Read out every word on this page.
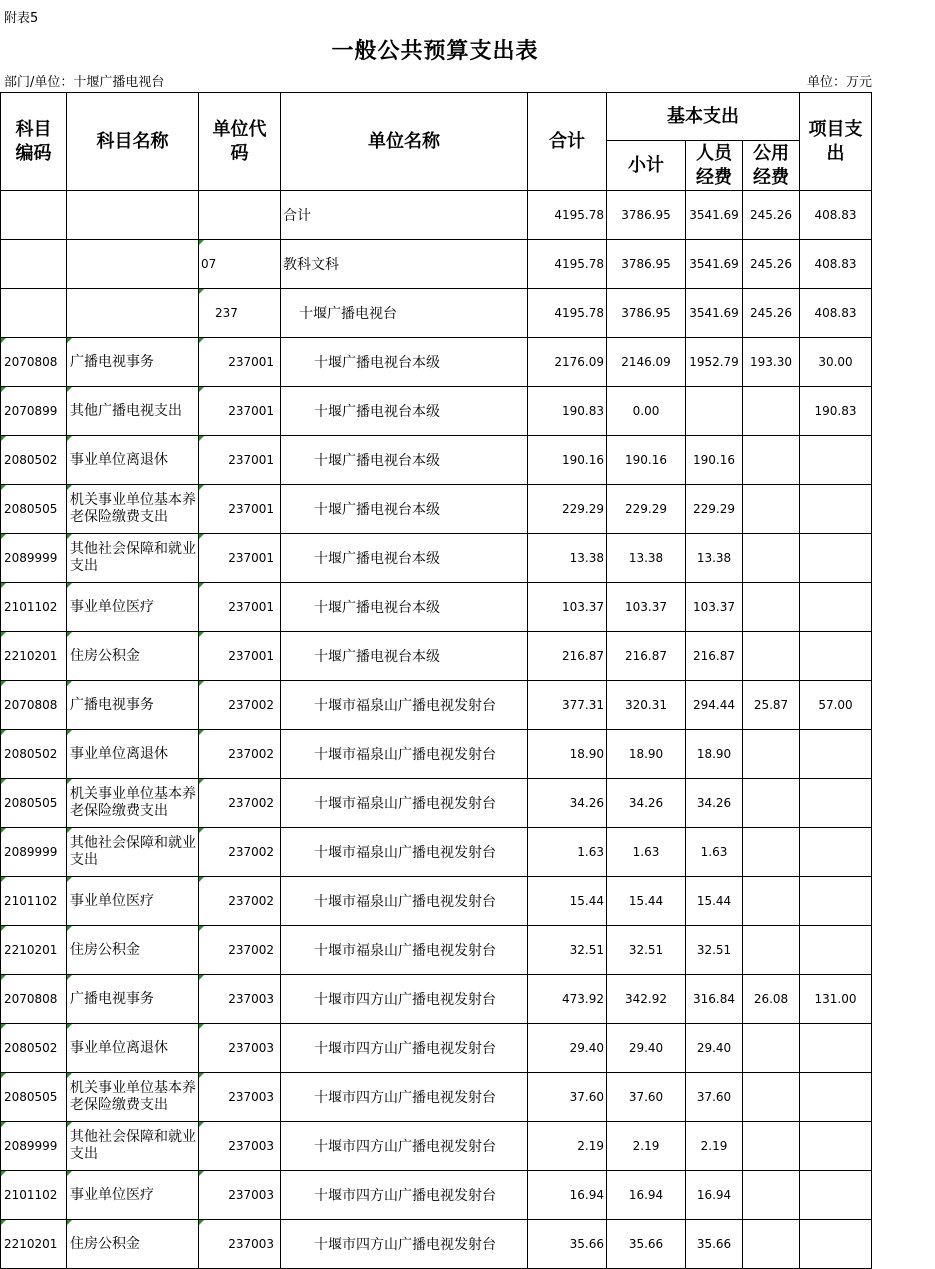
附表5
一般公共预算支出表
部门/单位：十堰广播电视台	单位：万元
科目编码	科目名称	单位代码	单位名称	合计	基本支出			项目支出

					小计	人员经费	公用经费	

			合计	4195.78	3786.95	3541.69	245.26	408.83
		07	教科文科	4195.78	3786.95	3541.69	245.26	408.83
		237	十堰广播电视台	4195.78	3786.95	3541.69	245.26	408.83
2070808	广播电视事务	237001	十堰广播电视台本级	2176.09	2146.09	1952.79	193.30	30.00
2070899	其他广播电视支出	237001	十堰广播电视台本级	190.83	0.00			190.83
2080502	事业单位离退休	237001	十堰广播电视台本级	190.16	190.16	190.16		
2080505	机关事业单位基本养老保险缴费支出	237001	十堰广播电视台本级	229.29	229.29	229.29		
2089999	其他社会保障和就业支出	237001	十堰广播电视台本级	13.38	13.38	13.38		
2101102	事业单位医疗	237001	十堰广播电视台本级	103.37	103.37	103.37		
2210201	住房公积金	237001	十堰广播电视台本级	216.87	216.87	216.87		
2070808	广播电视事务	237002	十堰市福泉山广播电视发射台	377.31	320.31	294.44	25.87	57.00
2080502	事业单位离退休	237002	十堰市福泉山广播电视发射台	18.90	18.90	18.90		
2080505	机关事业单位基本养老保险缴费支出	237002	十堰市福泉山广播电视发射台	34.26	34.26	34.26		
2089999	其他社会保障和就业支出	237002	十堰市福泉山广播电视发射台	1.63	1.63	1.63		
2101102	事业单位医疗	237002	十堰市福泉山广播电视发射台	15.44	15.44	15.44		
2210201	住房公积金	237002	十堰市福泉山广播电视发射台	32.51	32.51	32.51		
2070808	广播电视事务	237003	十堰市四方山广播电视发射台	473.92	342.92	316.84	26.08	131.00
2080502	事业单位离退休	237003	十堰市四方山广播电视发射台	29.40	29.40	29.40		
2080505	机关事业单位基本养老保险缴费支出	237003	十堰市四方山广播电视发射台	37.60	37.60	37.60		
2089999	其他社会保障和就业支出	237003	十堰市四方山广播电视发射台	2.19	2.19	2.19		
2101102	事业单位医疗	237003	十堰市四方山广播电视发射台	16.94	16.94	16.94		
2210201	住房公积金	237003	十堰市四方山广播电视发射台	35.66	35.66	35.66		
